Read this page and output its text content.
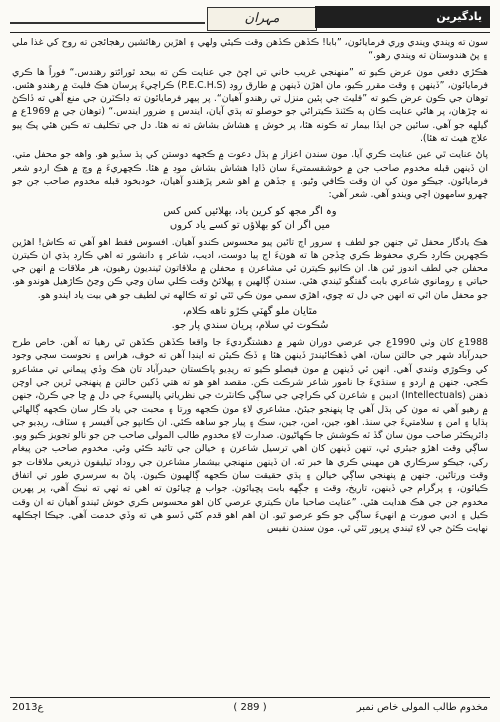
مہران	يادگيرين

سون ته ويندي ويندي وري فرمايائون، ”بابا! ڪڏهن ڪڏهن وقت ڪيئي ولهي ۽ اهڙين رهائشين رهجائجن ته روح کي غذا ملي ۽ پڻ هندوستان ته ويندي رهو.“

هڪڙي دفعي مون عرض ڪيو ته ”منهنجي غريب خاني تي اچڻ جي عنايت ڪن ته بيحد ٿورائتو رهندس.“ فوراً ها ڪري فرمايائون، ”ڏينهن ۽ وقت مقرر ڪيو، مان اهڙن ڏينهن ۾ طارق روڊ (P.E.C.H.S) ڪراچيءَ پرسان هڪ فليٽ ۾ رهندو هئس. توهان جي ڪون عرض ڪيو ته ”فليٽ جي ٻئين منزل تي رهندو آهيان“. پر ٻيهر فرمايائون ته ڊاڪٽرن جي منع آهي ته ڏاڪڻ نه چڙهان، پر هاڻي عنايت ڪان ٻه ڪٽنڌ ڪيترائي جو حوصلو ته ٻڌي آيان، ايندس ۽ ضرور ايندس.“ (توهان جي ۾ 1969ع ۾ گيلهه جو آهي. سائين جن ايڏا بيمار ته ڪونه هئا، پر خوش ۽ هشاش بشاش ته نه هئا. دل جي تڪليف ته ڪين هئي پڪ ٻيو علاج هيٺ ته هئا).

پاڻ عنايت ٿي عين عنايت ڪري آيا. مون سندن اعزاز ۾ ٻڌل دعوت ۾ ڪجهه دوستن کي ٻڌ سڏيو هو. واهه جو محفل متي. ان ڏينهن قبله مخدوم صاحب جن ۾ خوشقسمتيءَ سان ڏاڍا هشاش بشاش موڊ ۾ هئا. ڪچهريءَ ۾ وچ ۾ هڪ اردو شعر فرمايائون. جيڪو مون کي ان وقت ڪافي وڻيو. ۽ جڏهن ۾ اهو شعر پڙهندو آهيان، خودبخود قبله مخدوم صاحب جن جو چهرو سامهون اچي ويندو آهي. شعر آهي:

وہ اگر مجھ کو کرین یاد، بھلائیں کس کس
میں اگر ان کو بھلاؤں تو کسے یاد کروں

هڪ يادگار محفل ٿي جنهن جو لطف ۽ سرور اڄ تائين پيو محسوس ڪندو آهيان. افسوس فقط اهو آهي ته ڪاش! اهڙين ڪچهرين ڪارڊ ڪري محفوظ ڪري ڇڏجن ها ته هونءَ اڄ ٻيا دوست، اديب، شاعر ۽ دانشور ته اهي ڪارڊ ٻڌي ان ڪيترن محفلن جي لطف اندوز ٿين ها. ان ڪانپو ڪيترن ئي مشاعرن ۽ محفلن ۾ ملاقاتون ٿينديون رهيون، هر ملاقات ۾ انهن جي حياتي ۽ رومانوي شاعري بابت گفتگو ٿيندي هئي. سندن ڳالهين ۽ پهلائڻ وقت ڪلي سان وڃي ڪن وڃڻ ڪاڙهيل هوندو هو. جو محفل مان اٿي ته انهن جي دل ته چوي، اهڙي سمي مون ڪي ٿئي ٿو ته ڪالهه تي لطيف جو هي بيت ياد ايندو هو.

مٿايان ملو گهٽي ڪڙو ناهه ڪلام،
سُڪوت ئي سلام، پريان سندي پار جو.

1988ع کان وٺي 1990ع جي عرصي دوران شهر ۾ دهشتگرديءَ جا واقعا ڪڏهن ڪڏهن ٿي رهيا ته آهن. خاص طرح حيدرآباد شهر جي حالتن سان، اهي ڏهڪائيندڙ ڏينهن هئا ۽ ڏڪ ڪيئن ته اينڊا آهن ته خوف، هراس ۽ نحوست سڄي وجود کي وڪوڙي وٺندي آهي. انهن ئي ڏينهن ۾ مون فيصلو ڪيو ته ريڊيو پاڪستان حيدرآباد تان هڪ وڏي پيماني تي مشاعرو ڪجي. جنهن ۾ اردو ۽ سنڌيءَ جا نامور شاعر شرڪت ڪن. مقصد اهو هو ته هتي ڏکين حالتن ۾ پنهنجي ٿرين جي اوچن ذهنن (Intellectuals) اديبن ۽ شاعرن کي ڪراچي جي ساڳي ڪانٽرٽ جي نظرياتي پاليسيءَ جي دل ۾ ڇا جي ڪرڻ، جنهن ۾ رهيو آهي ته مون کي ٻڌل آهي ڇا پنهنجو جيئڻ. مشاعري لاءِ مون ڪجهه ورتا ۽ محبت جي ياد ڪار سان ڪجهه ڳالهائي ٻڌايا ۽ امن ۽ سلامتيءَ جي سنڌ. اهو، جين، امن، جين، سڪ ۽ پيار جو ساهه ڪئي. ان ڪانپو جي آفيسر ۽ سٽاف، ريڊيو جي ڊائريڪٽر صاحب مون سان گڏ ٽه ڪوشش جا ڪهاڻيون. صدارت لاءِ مخدوم طالب المولى صاحب جن جو نالو تجويز ڪيو ويو. ساڳي وقت اهڙو جيئري ٿي، تنهن ڏينهن کان اهي ترسيل شاعرن ۽ خيالن جي تائيد ڪئي وئي. مخدوم صاحب جن پيغام رکي، جيڪو سرڪاري هن مهيني ڪري ها خبر ٽه. ان ڏينهن منهنجي بيشمار مشاعرن جي روداد ٽيليفون ذريعي ملاقات جو وقت ورتائين. جنهن ۾ پنهنجي ساڳي خيالن ۽ ٻڌي حقيقت سان ڪجهه ڳالهيون ڪيون. پاڻ به سرسري طور تي اتفاق ڪيائون، ۽ پرگرام جي ڏينهن، تاريخ، وقت ۽ جڳهه بابت پڇيائون. جواب ۾ چيائون ته اهي ته ٺهي ته ٺيڪ آهي، پر پهرين مخدوم جن جي هڪ هدايت هئي. ”عنايت صاحبا مان ڪيتري عرصي کان اهو محسوس ڪري خوش ٿيندو آهيان ته ان وقت ڪيل ۽ ادبي صورت ۾ انهيءَ ساڳي جو ڪو عرصو ٿيو. ان اهم اهو قدم کڻي ڏسو هي ته وڏي خدمت آهي. جيڪا اڄڪلهه نهايت ڪٽڻ جي لاءِ ٿيندي ڀرپور ٿئي ٿي. مون سندن نفيس

2013ع	( 289 )	مخدوم طالب المولى خاص نمبر
